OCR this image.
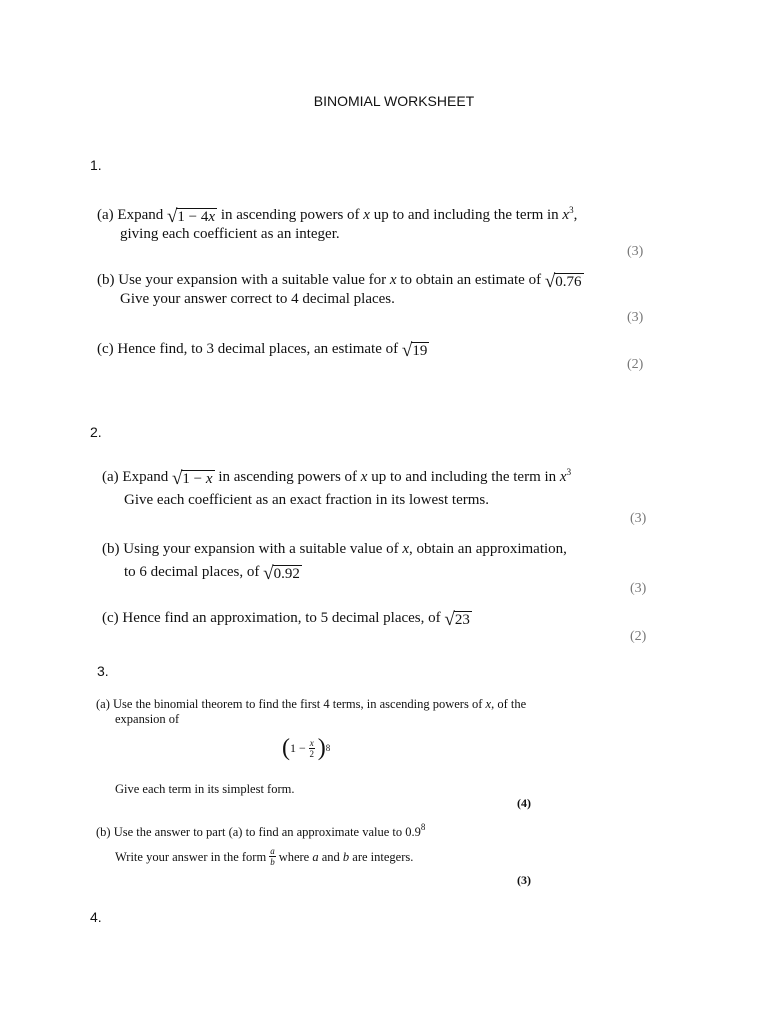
BINOMIAL WORKSHEET
1.
(a) Expand √ 1 − 4x in ascending powers of x up to and including the term in $x^3$,
giving each coefficient as an integer.
(3)
(b) Use your expansion with a suitable value for x to obtain an estimate of √ 0.76
Give your answer correct to 4 decimal places.
(3)
(c) Hence find, to 3 decimal places, an estimate of √ 19
(2)
2.
(a) Expand √ 1 − x in ascending powers of x up to and including the term in $x^3$
Give each coefficient as an exact fraction in its lowest terms.
(3)
(b) Using your expansion with a suitable value of x, obtain an approximation,
to 6 decimal places, of √ 0.92
(3)
(c) Hence find an approximation, to 5 decimal places, of √ 23
(2)
3.
(a) Use the binomial theorem to find the first 4 terms, in ascending powers of x, of the
expansion of
( $1 - \frac{x}{2}$ ) 8
Give each term in its simplest form.
(4)
(b) Use the answer to part (a) to find an approximate value to $0.9^8$
Write your answer in the form $\frac{a}{b}$ where
a
and
b
are integers.
(3)
4.
